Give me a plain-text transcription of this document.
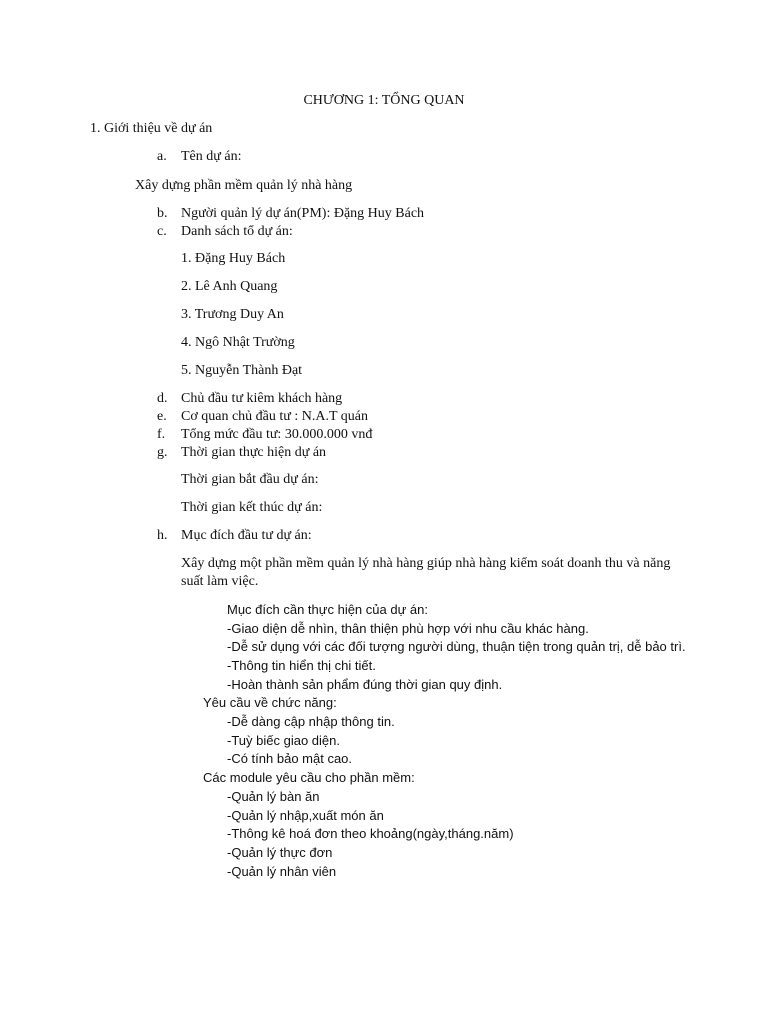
CHƯƠNG 1: TỔNG QUAN
1. Giới thiệu về dự án
a. Tên dự án:
Xây dựng phần mềm quản lý nhà hàng
b. Người quản lý dự án(PM): Đặng Huy Bách
c. Danh sách tổ dự án:
1. Đặng Huy Bách
2. Lê Anh Quang
3. Trương Duy An
4. Ngô Nhật Trường
5. Nguyễn Thành Đạt
d. Chủ đầu tư kiêm khách hàng
e. Cơ quan chủ đầu tư : N.A.T quán
f. Tổng mức đầu tư: 30.000.000 vnđ
g. Thời gian thực hiện dự án
Thời gian bắt đầu dự án:
Thời gian kết thúc dự án:
h. Mục đích đầu tư dự án:
Xây dựng một phần mềm quản lý nhà hàng giúp nhà hàng kiểm soát doanh thu và năng
suất làm việc.
Mục đích cần thực hiện của dự án:
-Giao diện dễ nhìn, thân thiện phù hợp với nhu cầu khác hàng.
-Dễ sử dụng với các đối tượng người dùng, thuận tiện trong quản trị, dễ bảo trì.
-Thông tin hiển thị chi tiết.
-Hoàn thành sản phẩm đúng thời gian quy định.
Yêu cầu về chức năng:
-Dễ dàng cập nhập thông tin.
-Tuỳ biếc giao diện.
-Có tính bảo mật cao.
Các module yêu cầu cho phần mềm:
-Quản lý bàn ăn
-Quản lý nhập,xuất món ăn
-Thông kê hoá đơn theo khoảng(ngày,tháng.năm)
-Quản lý thực đơn
-Quản lý nhân viên
